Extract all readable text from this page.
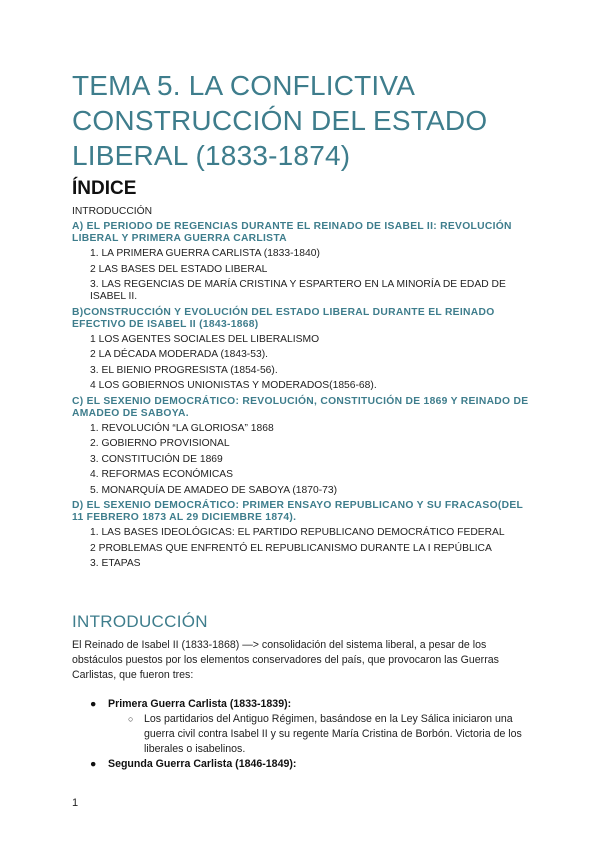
TEMA 5. LA CONFLICTIVA CONSTRUCCIÓN DEL ESTADO LIBERAL (1833-1874)
ÍNDICE
INTRODUCCIÓN
A) EL PERIODO DE REGENCIAS DURANTE EL REINADO DE ISABEL II: REVOLUCIÓN LIBERAL Y PRIMERA GUERRA CARLISTA
1. LA PRIMERA GUERRA CARLISTA (1833-1840)
2 LAS BASES DEL ESTADO LIBERAL
3. LAS REGENCIAS DE MARÍA CRISTINA Y ESPARTERO EN LA MINORÍA DE EDAD DE ISABEL II.
B)CONSTRUCCIÓN Y EVOLUCIÓN DEL ESTADO LIBERAL DURANTE EL REINADO EFECTIVO DE ISABEL II (1843-1868)
1 LOS AGENTES SOCIALES DEL LIBERALISMO
2 LA DÉCADA MODERADA (1843-53).
3. EL BIENIO PROGRESISTA (1854-56).
4 LOS GOBIERNOS UNIONISTAS Y MODERADOS(1856-68).
C) EL SEXENIO DEMOCRÁTICO: REVOLUCIÓN, CONSTITUCIÓN DE 1869 Y REINADO DE AMADEO DE SABOYA.
1. REVOLUCIÓN “LA GLORIOSA” 1868
2. GOBIERNO PROVISIONAL
3. CONSTITUCIÓN DE 1869
4. REFORMAS ECONÓMICAS
5. MONARQUÍA DE AMADEO DE SABOYA (1870-73)
D) EL SEXENIO DEMOCRÁTICO: PRIMER ENSAYO REPUBLICANO Y SU FRACASO(DEL 11 FEBRERO 1873 AL 29 DICIEMBRE 1874).
1. LAS BASES IDEOLÓGICAS: EL PARTIDO REPUBLICANO DEMOCRÁTICO FEDERAL
2 PROBLEMAS QUE ENFRENTÓ EL REPUBLICANISMO DURANTE LA I REPÚBLICA
3. ETAPAS
INTRODUCCIÓN
El Reinado de Isabel II (1833-1868) —> consolidación del sistema liberal, a pesar de los obstáculos puestos por los elementos conservadores del país, que provocaron las Guerras Carlistas, que fueron tres:
● Primera Guerra Carlista (1833-1839):
○ Los partidarios del Antiguo Régimen, basándose en la Ley Sálica iniciaron una guerra civil contra Isabel II y su regente María Cristina de Borbón. Victoria de los liberales o isabelinos.
● Segunda Guerra Carlista (1846-1849):
1
